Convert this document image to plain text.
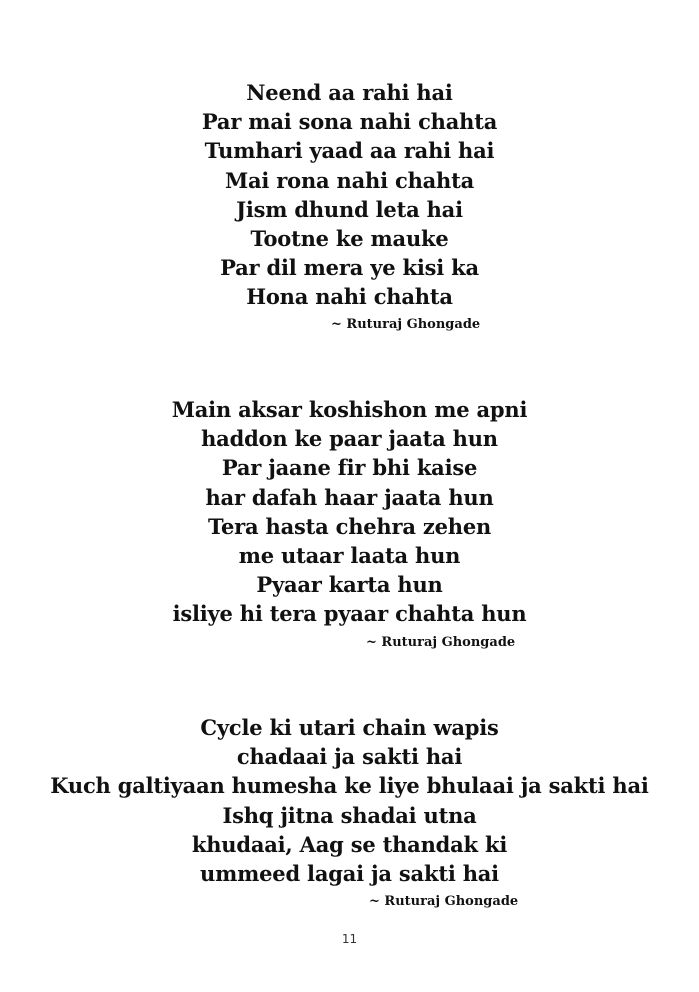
Neend aa rahi hai
Par mai sona nahi chahta
Tumhari yaad aa rahi hai
Mai rona nahi chahta
Jism dhund leta hai
Tootne ke mauke
Par dil mera ye kisi ka
Hona nahi chahta
~ Ruturaj Ghongade
Main aksar koshishon me apni
haddon ke paar jaata hun
Par jaane fir bhi kaise
har dafah haar jaata hun
Tera hasta chehra zehen
me utaar laata hun
Pyaar karta hun
isliye hi tera pyaar chahta hun
~ Ruturaj Ghongade
Cycle ki utari chain wapis
chadaai ja sakti hai
Kuch galtiyaan humesha ke liye bhulaai ja sakti hai
Ishq jitna shadai utna
khudaai, Aag se thandak ki
ummeed lagai ja sakti hai
~ Ruturaj Ghongade
11
